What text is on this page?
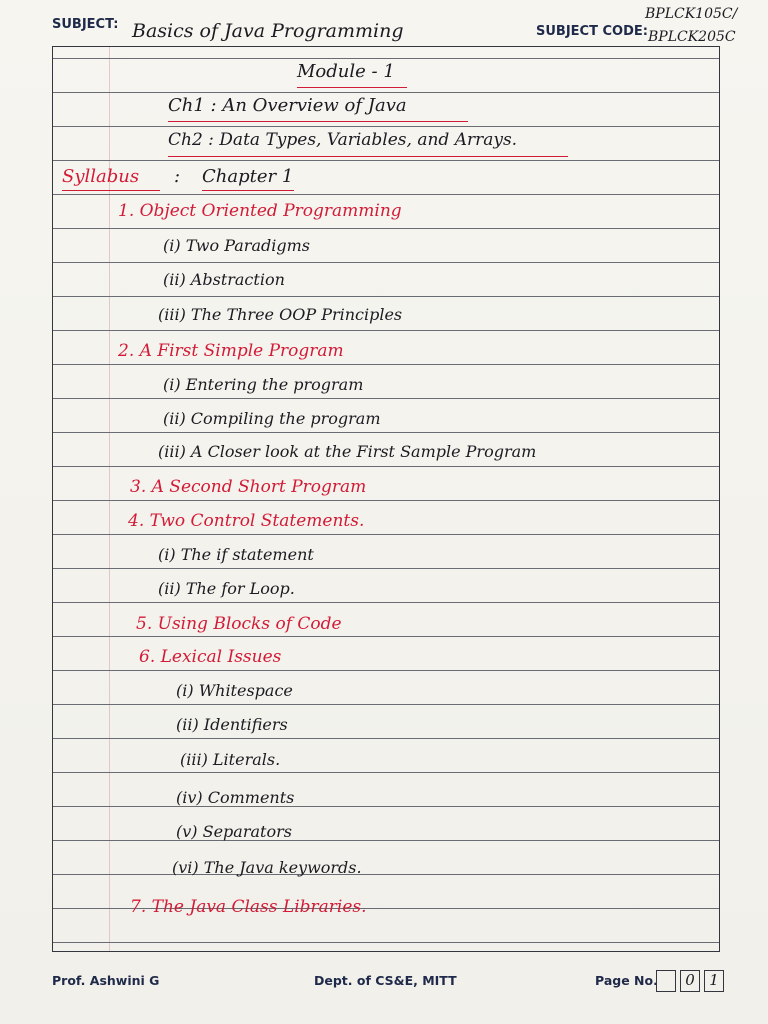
SUBJECT: Basics of Java Programming	SUBJECT CODE:
BPLCK105C/
BPLCK205C
Module - 1
Ch1 : An Overview of Java
Ch2 : Data Types, Variables, and Arrays.
Syllabus : Chapter 1
1. Object Oriented Programming
(i) Two Paradigms
(ii) Abstraction
(iii) The Three OOP Principles
2. A First Simple Program
(i) Entering the program
(ii) Compiling the program
(iii) A Closer look at the First Sample Program
3. A Second Short Program
4. Two Control Statements.
(i) The if statement
(ii) The for Loop.
5. Using Blocks of Code
6. Lexical Issues
(i) Whitespace
(ii) Identifiers
(iii) Literals.
(iv) Comments
(v) Separators
(vi) The Java keywords.
7. The Java Class Libraries.
Prof. Ashwini G	Dept. of CS&E, MITT	Page No.	0 1
